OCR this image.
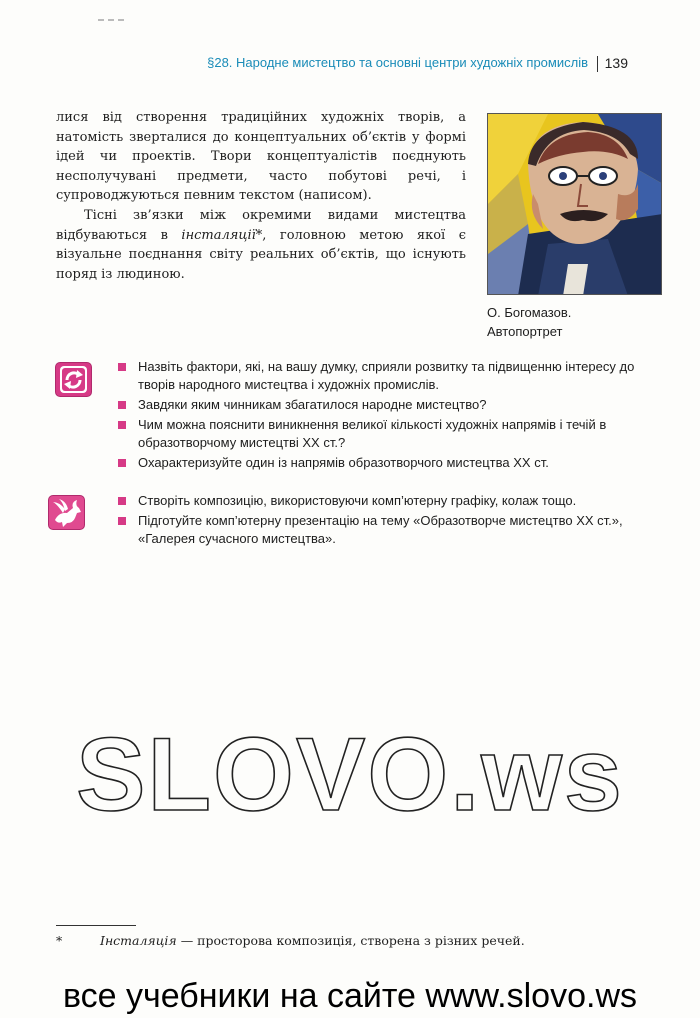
§28. Народне мистецтво та основні центри художніх промислів 139

лися від створення традиційних художніх творів, а натомість зверталися до концептуальних об’єктів у формі ідей чи проектів. Твори концептуалістів поєднують несполучувані предмети, часто побутові речі, і супроводжуються певним текстом (написом).

Тісні зв’язки між окремими видами мистецтва відбуваються в інсталяції*, головною метою якої є візуальне поєднання світу реальних об’єктів, що існують поряд із людиною.

О. Богомазов.
Автопортрет
Назвіть фактори, які, на вашу думку, сприяли розвитку та підвищенню інтересу до творів народного мистецтва і художніх промислів.
Завдяки яким чинникам збагатилося народне мистецтво?
Чим можна пояснити виникнення великої кількості художніх напрямів і течій в образотворчому мистецтві XX ст.?
Охарактеризуйте один із напрямів образотворчого мистецтва XX ст.
Створіть композицію, використовуючи комп’ютерну графіку, колаж тощо.
Підготуйте комп’ютерну презентацію на тему «Образотворче мистецтво XX ст.», «Галерея сучасного мистецтва».
SLOVO.ws
*	Інсталяція — просторова композиція, створена з різних речей.
все учебники на сайте www.slovo.ws
